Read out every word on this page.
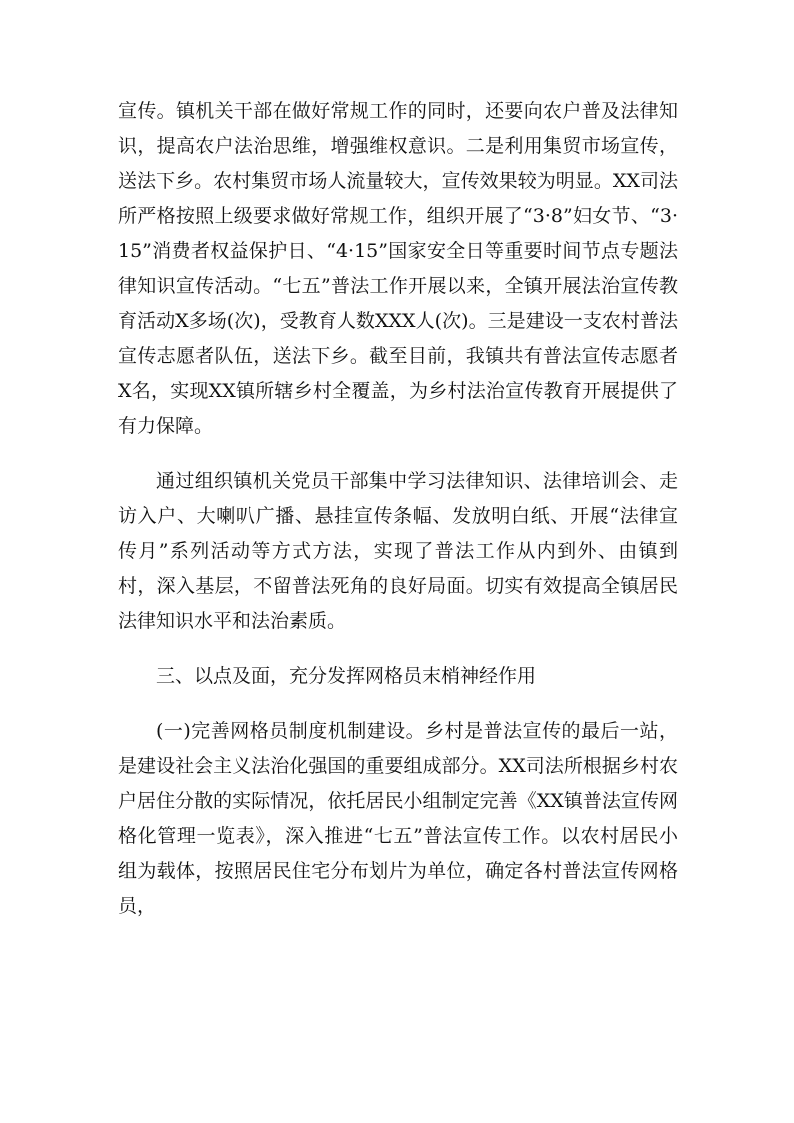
宣传。镇机关干部在做好常规工作的同时，还要向农户普及法律知识，提高农户法治思维，增强维权意识。二是利用集贸市场宣传，送法下乡。农村集贸市场人流量较大，宣传效果较为明显。XX司法所严格按照上级要求做好常规工作，组织开展了“3·8”妇女节、“3·15”消费者权益保护日、“4·15”国家安全日等重要时间节点专题法律知识宣传活动。“七五”普法工作开展以来，全镇开展法治宣传教育活动X多场(次)，受教育人数XXX人(次)。三是建设一支农村普法宣传志愿者队伍，送法下乡。截至目前，我镇共有普法宣传志愿者X名，实现XX镇所辖乡村全覆盖，为乡村法治宣传教育开展提供了有力保障。

通过组织镇机关党员干部集中学习法律知识、法律培训会、走访入户、大喇叭广播、悬挂宣传条幅、发放明白纸、开展“法律宣传月”系列活动等方式方法，实现了普法工作从内到外、由镇到村，深入基层，不留普法死角的良好局面。切实有效提高全镇居民法律知识水平和法治素质。

三、以点及面，充分发挥网格员末梢神经作用

(一)完善网格员制度机制建设。乡村是普法宣传的最后一站，是建设社会主义法治化强国的重要组成部分。XX司法所根据乡村农户居住分散的实际情况，依托居民小组制定完善《XX镇普法宣传网格化管理一览表》，深入推进“七五”普法宣传工作。以农村居民小组为载体，按照居民住宅分布划片为单位，确定各村普法宣传网格员，
